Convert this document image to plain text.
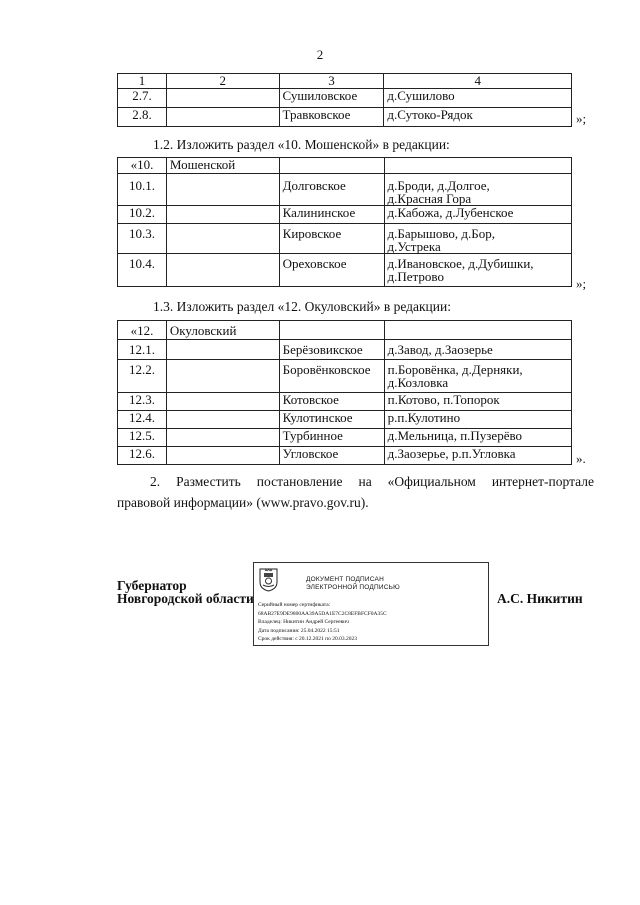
2
1	2	3	4
2.7.		Сушиловское	д.Сушилово
2.8.		Травковское	д.Сутоко-Рядок	»;
1.2. Изложить раздел «10. Мошенской» в редакции:
«10.	Мошенской		
10.1.		Долговское	д.Броди, д.Долгое,
д.Красная Гора

10.2.		Калининское	д.Кабожа, д.Лубенское
10.3.		Кировское	д.Барышово, д.Бор,
д.Устрека

10.4.		Ореховское	д.Ивановское, д.Дубишки,
д.Петрово	»;
1.3. Изложить раздел «12. Окуловский» в редакции:
«12.	Окуловский		
12.1.		Берёзовикское	д.Завод, д.Заозерье
12.2.		Боровёнковское	п.Боровёнка, д.Дерняки,
д.Козловка

12.3.		Котовское	п.Котово, п.Топорок
12.4.		Кулотинское	р.п.Кулотино
12.5.		Турбинное	д.Мельница, п.Пузерёво
12.6.		Угловское	д.Заозерье, р.п.Угловка	».
2. Разместить постановление на «Официальном интернет-портале
правовой информации» (www.pravo.gov.ru).
Губернатор
Новгородской области	А.С. Никитин
ДОКУМЕНТ ПОДПИСАН
ЭЛЕКТРОННОЙ ПОДПИСЬЮ
Серийный номер сертификата:
68AB27E9DE9800AA39A5DA1E7C2C8EFBFCF0A35C
Владелец: Никитин Андрей Сергеевич
Дата подписания: 25.04.2022 15:51
Срок действия: с 20.12.2021 по 20.03.2023
